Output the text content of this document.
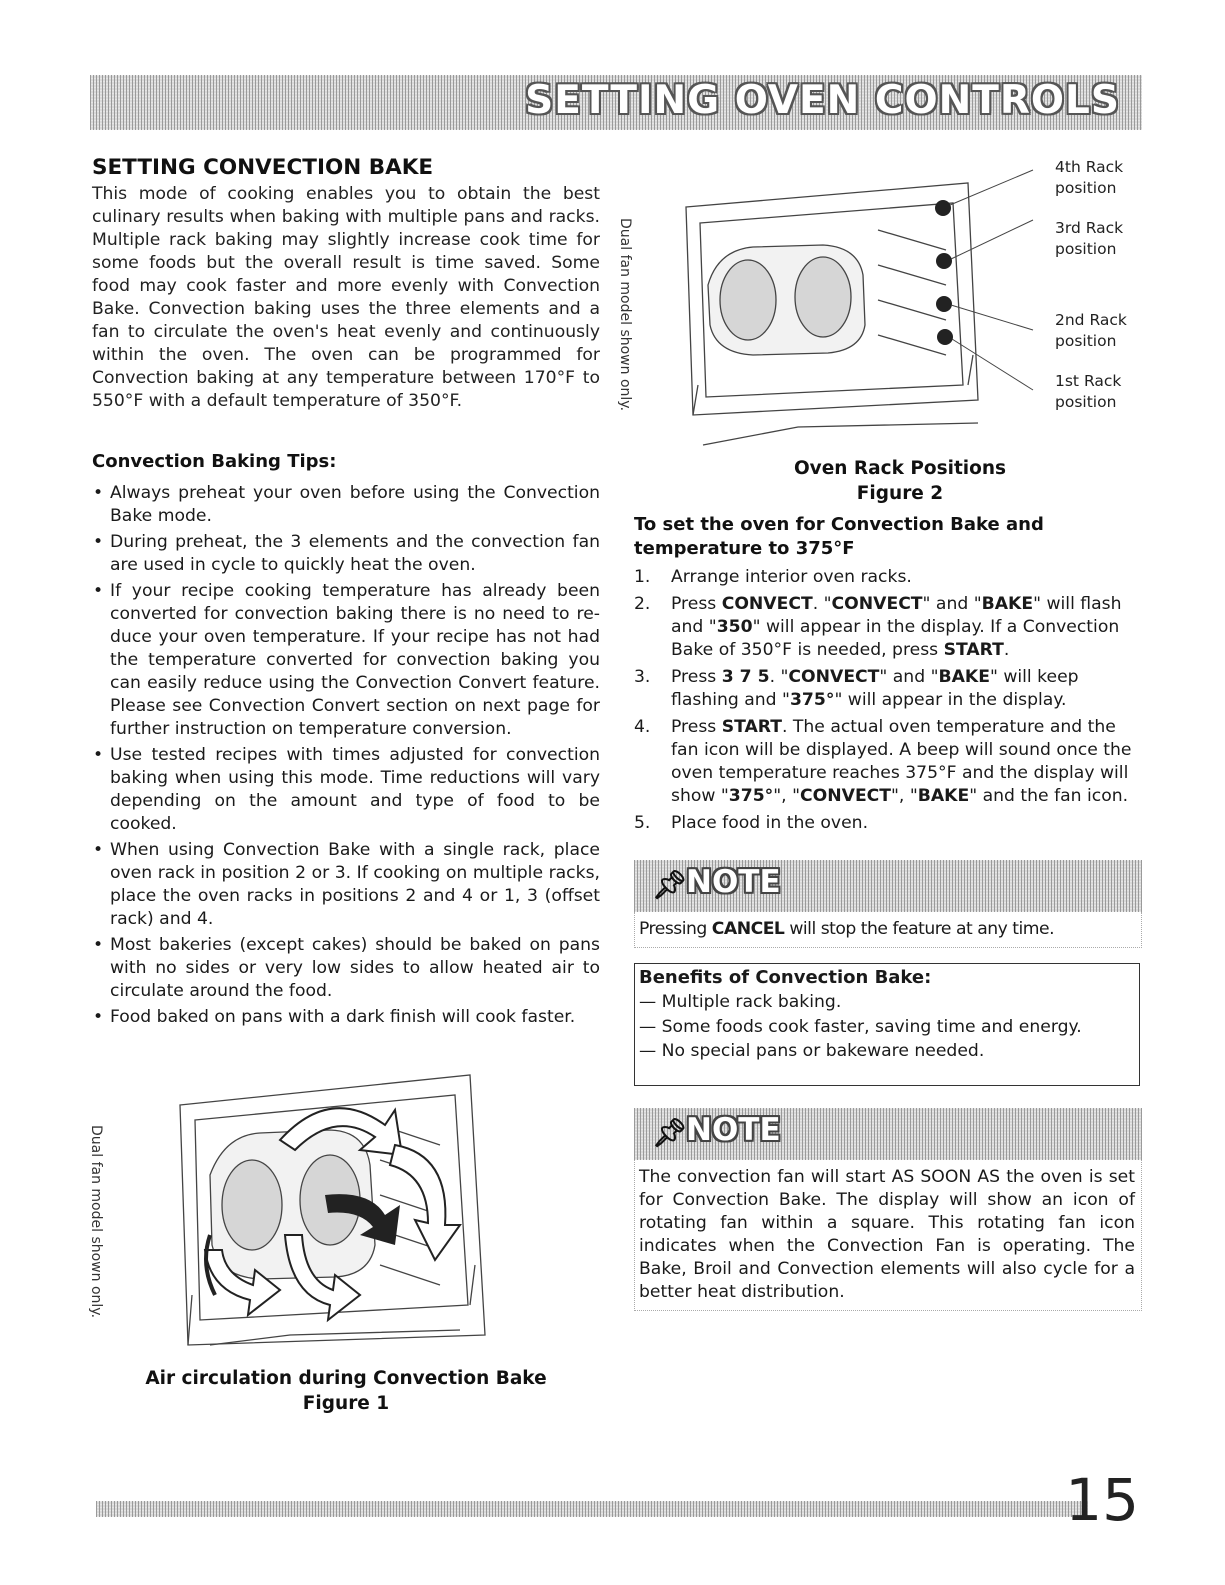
SETTING OVEN CONTROLS
SETTING CONVECTION BAKE

This mode of cooking enables you to obtain the best culinary results when baking with multiple pans and racks. Multiple rack baking may slightly increase cook time for some foods but the overall result is time saved. Some food may cook faster and more evenly with Convection Bake. Convection baking uses the three elements and a fan to circulate the oven's heat evenly and continuously within the oven. The oven can be programmed for Convection baking at any temperature between 170°F to 550°F with a default temperature of 350°F.

Convection Baking Tips:
• Always preheat your oven before using the Convection Bake mode.
• During preheat, the 3 elements and the convection fan are used in cycle to quickly heat the oven.
• If your recipe cooking temperature has already been converted for convection baking there is no need to re-duce your oven temperature. If your recipe has not had the temperature converted for convection baking you can easily reduce using the Convection Convert feature. Please see Convection Convert section on next page for further instruction on temperature conversion.
• Use tested recipes with times adjusted for convection baking when using this mode. Time reductions will vary depending on the amount and type of food to be cooked.
• When using Convection Bake with a single rack, place oven rack in position 2 or 3. If cooking on multiple racks, place the oven racks in positions 2 and 4 or 1, 3 (offset rack) and 4.
• Most bakeries (except cakes) should be baked on pans with no sides or very low sides to allow heated air to circulate around the food.
• Food baked on pans with a dark finish will cook faster.
Dual fan model shown only.
Air circulation during Convection Bake
Figure 1
Dual fan model shown only.
4th Rack
position
3rd Rack
position
2nd Rack
position
1st Rack
position
Oven Rack Positions
Figure 2
To set the oven for Convection Bake and temperature to 375°F
1. Arrange interior oven racks.
2. Press CONVECT. "CONVECT" and "BAKE" will flash and "350" will appear in the display. If a Convection Bake of 350°F is needed, press START.
3. Press 3 7 5. "CONVECT" and "BAKE" will keep flashing and "375°" will appear in the display.
4. Press START. The actual oven temperature and the fan icon will be displayed. A beep will sound once the oven temperature reaches 375°F and the display will show "375°", "CONVECT", "BAKE" and the fan icon.
5. Place food in the oven.
📌︎
NOTE
Pressing CANCEL will stop the feature at any time.
Benefits of Convection Bake:
— Multiple rack baking.
— Some foods cook faster, saving time and energy.
— No special pans or bakeware needed.
📌︎
NOTE
The convection fan will start AS SOON AS the oven is set for Convection Bake. The display will show an icon of rotating fan within a square. This rotating fan icon indicates when the Convection Fan is operating. The Bake, Broil and Convection elements will also cycle for a better heat distribution.
15
